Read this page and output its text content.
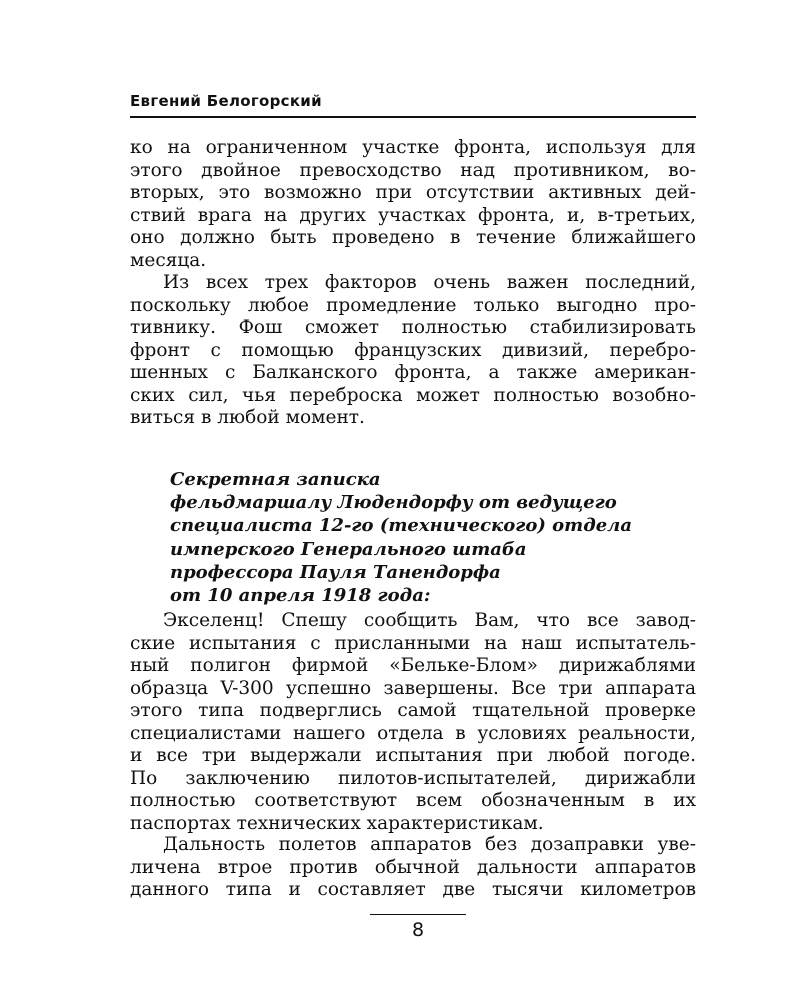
Евгений Белогорский
ко на ограниченном участке фронта, используя для
этого двойное превосходство над противником, во-
вторых, это возможно при отсутствии активных дей-
ствий врага на других участках фронта, и, в-третьих,
оно должно быть проведено в течение ближайшего
месяца.
Из всех трех факторов очень важен последний,
поскольку любое промедление только выгодно про-
тивнику. Фош сможет полностью стабилизировать
фронт с помощью французских дивизий, перебро-
шенных с Балканского фронта, а также американ-
ских сил, чья переброска может полностью возобно-
виться в любой момент.
Секретная записка
фельдмаршалу Людендорфу от ведущего
специалиста 12-го (технического) отдела
имперского Генерального штаба
профессора Пауля Танендорфа
от 10 апреля 1918 года:
Экселенц! Спешу сообщить Вам, что все завод-
ские испытания с присланными на наш испытатель-
ный полигон фирмой «Бельке-Блом» дирижаблями
образца V-300 успешно завершены. Все три аппарата
этого типа подверглись самой тщательной проверке
специалистами нашего отдела в условиях реальности,
и все три выдержали испытания при любой погоде.
По заключению пилотов-испытателей, дирижабли
полностью соответствуют всем обозначенным в их
паспортах технических характеристикам.
Дальность полетов аппаратов без дозаправки уве-
личена втрое против обычной дальности аппаратов
данного типа и составляет две тысячи километров
8
